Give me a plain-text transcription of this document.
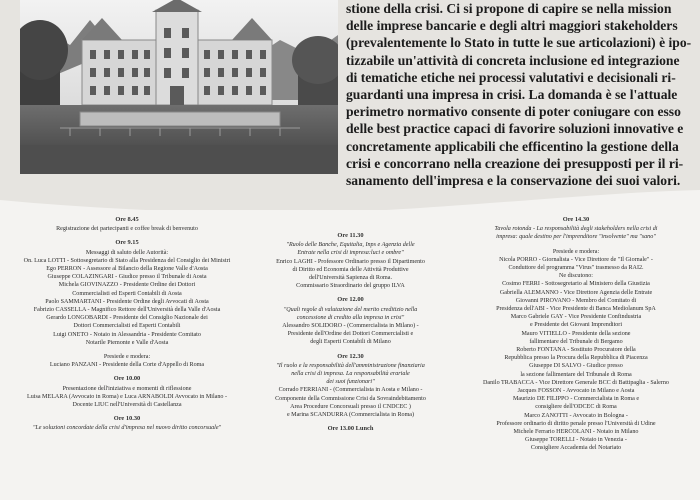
stione della crisi. Ci si propone di capire se nella mission

delle imprese bancarie e degli altri maggiori stakeholders

(prevalentemente lo Stato in tutte le sue articolazioni) è ipo-

tizzabile un'attività di concreta inclusione ed integrazione

di tematiche etiche nei processi valutativi e decisionali ri-

guardanti una impresa in crisi. La domanda è se l'attuale

perimetro normativo consente di poter coniugare con esso

delle best practice capaci di favorire soluzioni innovative e

concretamente applicabili che efficentino la gestione della

crisi e concorrano nella creazione dei presupposti per il ri-

sanamento dell'impresa e la conservazione dei suoi valori.

Ore 8.45
Registrazione dei partecipanti e coffee break di benvenuto
Ore 9.15
Messaggi di saluto delle Autorità:
On. Luca LOTTI - Sottosegretario di Stato alla Presidenza del Consiglio dei Ministri
Ego PERRON - Assessore al Bilancio della Regione Valle d'Aosta
Giuseppe COLAZINGARI - Giudice presso il Tribunale di Aosta
Michela GIOVINAZZO - Presidente Ordine dei Dottori
Commercialisti ed Esperti Contabili di Aosta
Paolo SAMMARTANI - Presidente Ordine degli Avvocati di Aosta
Fabrizio CASSELLA - Magnifico Rettore dell'Università della Valle d'Aosta
Gerardo LONGOBARDI - Presidente del Consiglio Nazionale dei
Dottori Commercialisti ed Esperti Contabili
Luigi ONETO - Notaio in Alessandria - Presidente Comitato
Notarile Piemonte e Valle d'Aosta
Presiede e modera:
Luciano PANZANI - Presidente della Corte d'Appello di Roma
Ore 10.00
Presentazione dell'iniziativa e momenti di riflessione
Luisa MELARA (Avvocato in Roma) e Luca ARNABOLDI Avvocato in Milano -
Docente LIUC nell'Università di Castellanza
Ore 10.30
"Le soluzioni concordate della crisi d'impresa nel nuovo diritto concorsuale"
Ore 11.30
"Ruolo delle Banche, Equitalia, Inps e Agenzia delle
Entrate nella crisi di impresa:luci e ombre"
Enrico LAGHI - Professore Ordinario presso il Dipartimento
di Diritto ed Economia delle Attività Produttive
dell'Università Sapienza di Roma.
Commissario Straordinario del gruppo ILVA
Ore 12.00
"Quali regole di valutazione del merito creditizio nella
concessione di credito alla impresa in crisi"
Alessandro SOLIDORO - (Commercialista in Milano) -
Presidente dell'Ordine dei Dottori Commercialisti e
degli Esperti Contabili di Milano
Ore 12.30
"Il ruolo e la responsabilità dell'amministrazione finanziaria
nella crisi di impresa. La responsabilità erariale
dei suoi funzionari"
Corrado FERRIANI - (Commercialista in Aosta e Milano -
Componente della Commissione Crisi da Sovraindebitamento
Area Procedure Concorsuali presso il CNDCEC )
e Marina SCANDURRA (Commercialista in Roma)
Ore 13.00 Lunch
Ore 14.30
Tavola rotonda - La responsabilità degli stakeholders nella crisi di
impresa: quale destino per l'imprenditore "insolvente" ma "sano"
Presiede e modera:
Nicola PORRO - Giornalista - Vice Direttore de "Il Giornale" -
Conduttore del programma "Virus" trasmesso da RAI2.
Ne discutono:
Cosimo FERRI - Sottosegretario al Ministero della Giustizia
Gabriella ALEMANNO - Vice Direttore Agenzia delle Entrate
Giovanni PIROVANO - Membro del Comitato di
Presidenza dell'ABI - Vice Presidente di Banca Mediolanum SpA
Marco Gabriele GAY - Vice Presidente Confindustria
e Presidente dei Giovani Imprenditori
Mauro VITIELLO - Presidente della sezione
fallimentare del Tribunale di Bergamo
Roberto FONTANA - Sostituto Procuratore della
Repubblica presso la Procura della Repubblica di Piacenza
Giuseppe DI SALVO - Giudice presso
la sezione fallimentare del Tribunale di Roma
Danilo TRABACCA - Vice Direttore Generale BCC di Battipaglia - Salerno
Jacques FOSSON - Avvocato in Milano e Aosta
Maurizio DE FILIPPO - Commercialista in Roma e
consigliere dell'ODCEC di Roma
Marco ZANOTTI - Avvocato in Bologna -
Professore ordinario di diritto penale presso l'Università di Udine
Michele Ferrario HERCOLANI - Notaio in Milano
Giuseppe TORELLI - Notaio in Venezia -
Consigliere Accademia del Notariato
